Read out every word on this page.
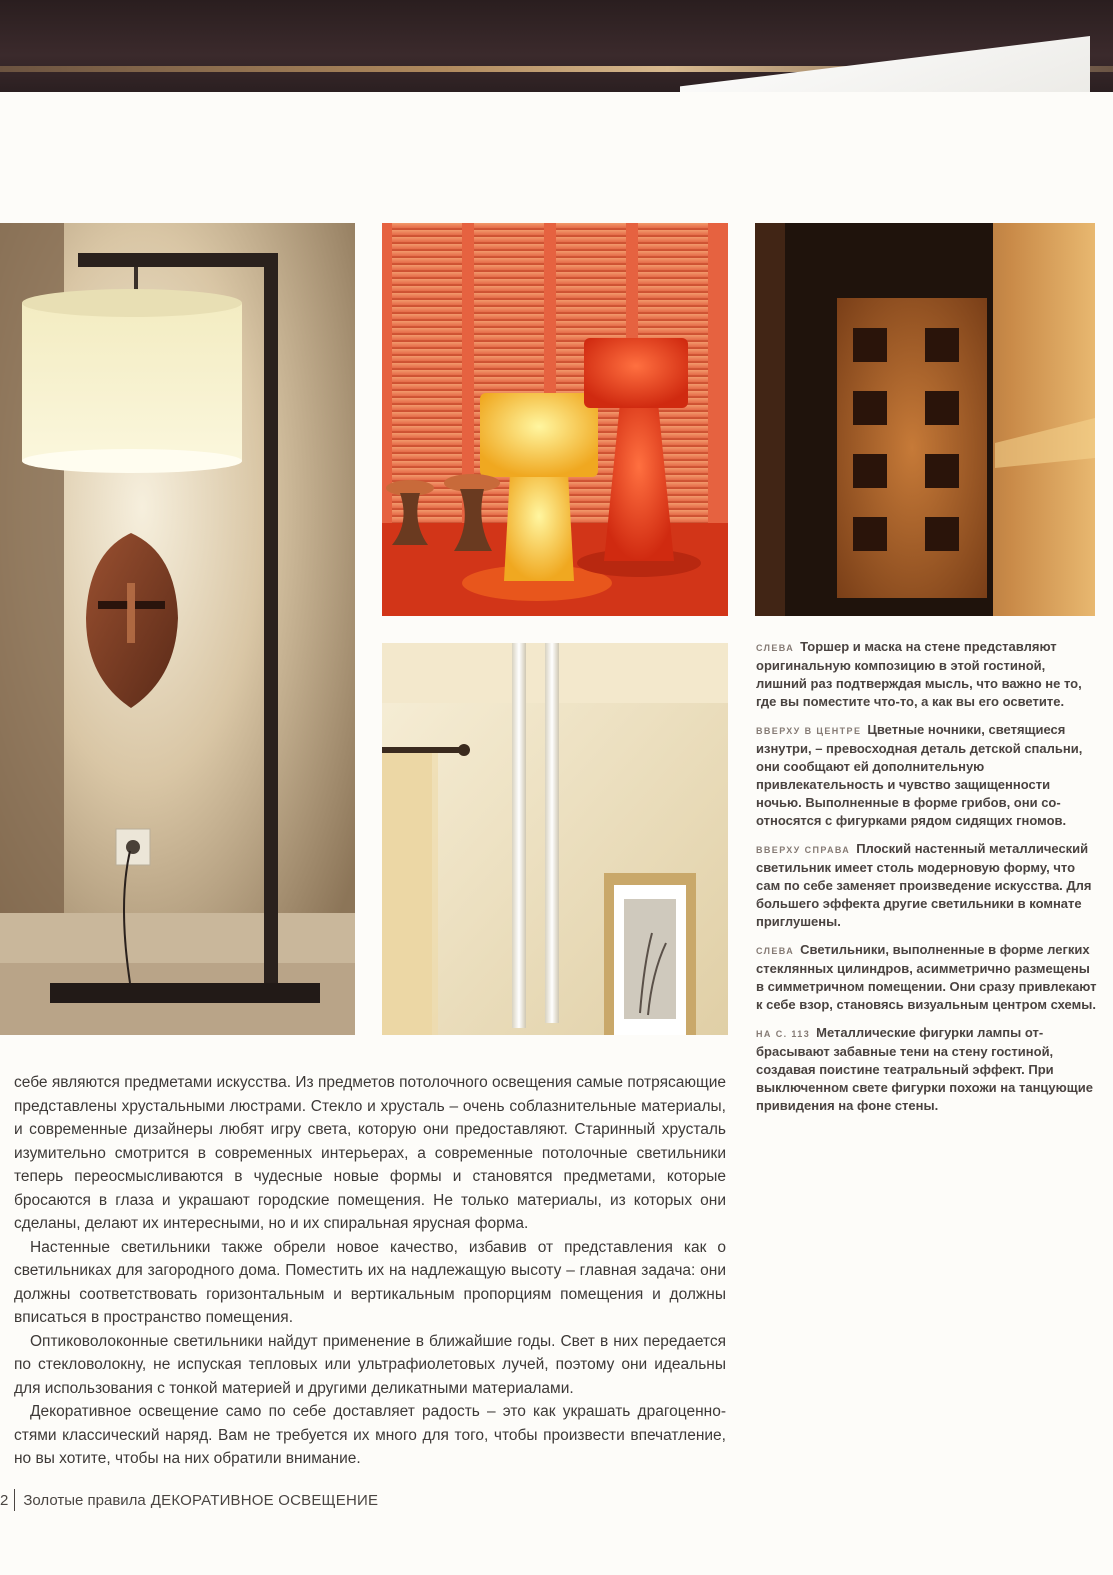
СЛЕВА Торшер и маска на стене представляют оригинальную композицию в этой гостиной, лишний раз подтверждая мысль, что важно не то, где вы поместите что-то, а как вы его осветите.

ВВЕРХУ В ЦЕНТРЕ Цветные ночники, светящиеся изнутри, – превосходная деталь детской спальни, они сообщают ей дополнительную привлекательность и чувство защищенности ночью. Выполненные в форме грибов, они соотносятся с фигурками рядом сидящих гномов.

ВВЕРХУ СПРАВА Плоский настенный металлический светильник имеет столь модерновую форму, что сам по себе заменяет произведение искусства. Для большего эффекта другие светильники в комнате приглушены.

СЛЕВА Светильники, выполненные в форме легких стеклянных цилиндров, асимметрично размещены в симметричном помещении. Они сразу привлекают к себе взор, становясь визуальным центром схемы.

НА С. 113 Металлические фигурки лампы отбрасывают забавные тени на стену гостиной, создавая поистине театральный эффект. При выключенном свете фигурки похожи на танцующие привидения на фоне стены.

себе являются предметами искусства. Из предметов потолочного освещения самые потрясающие представлены хрустальными люстрами. Стекло и хрусталь – очень соблазнительные материалы, и современные дизайнеры любят игру света, которую они предоставляют. Старинный хрусталь изумительно смотрится в современных интерьерах, а современные потолочные светильники теперь переосмысливаются в чудесные новые формы и становятся предметами, которые бросаются в глаза и украшают городские помещения. Не только материалы, из которых они сделаны, делают их интересными, но и их спиральная ярусная форма.

Настенные светильники также обрели новое качество, избавив от представления как о светильниках для загородного дома. Поместить их на надлежащую высоту – главная задача: они должны соответствовать горизонтальным и вертикальным пропорциям помещения и должны вписаться в пространство помещения.

Оптиковолоконные светильники найдут применение в ближайшие годы. Свет в них передается по стекловолокну, не испуская тепловых или ультрафиолетовых лучей, поэтому они идеальны для использования с тонкой материей и другими деликатными материалами.

Декоративное освещение само по себе доставляет радость – это как украшать драгоценностями классический наряд. Вам не требуется их много для того, чтобы произвести впечатление, но вы хотите, чтобы на них обратили внимание.

2	Золотые правила ДЕКОРАТИВНОЕ ОСВЕЩЕНИЕ
